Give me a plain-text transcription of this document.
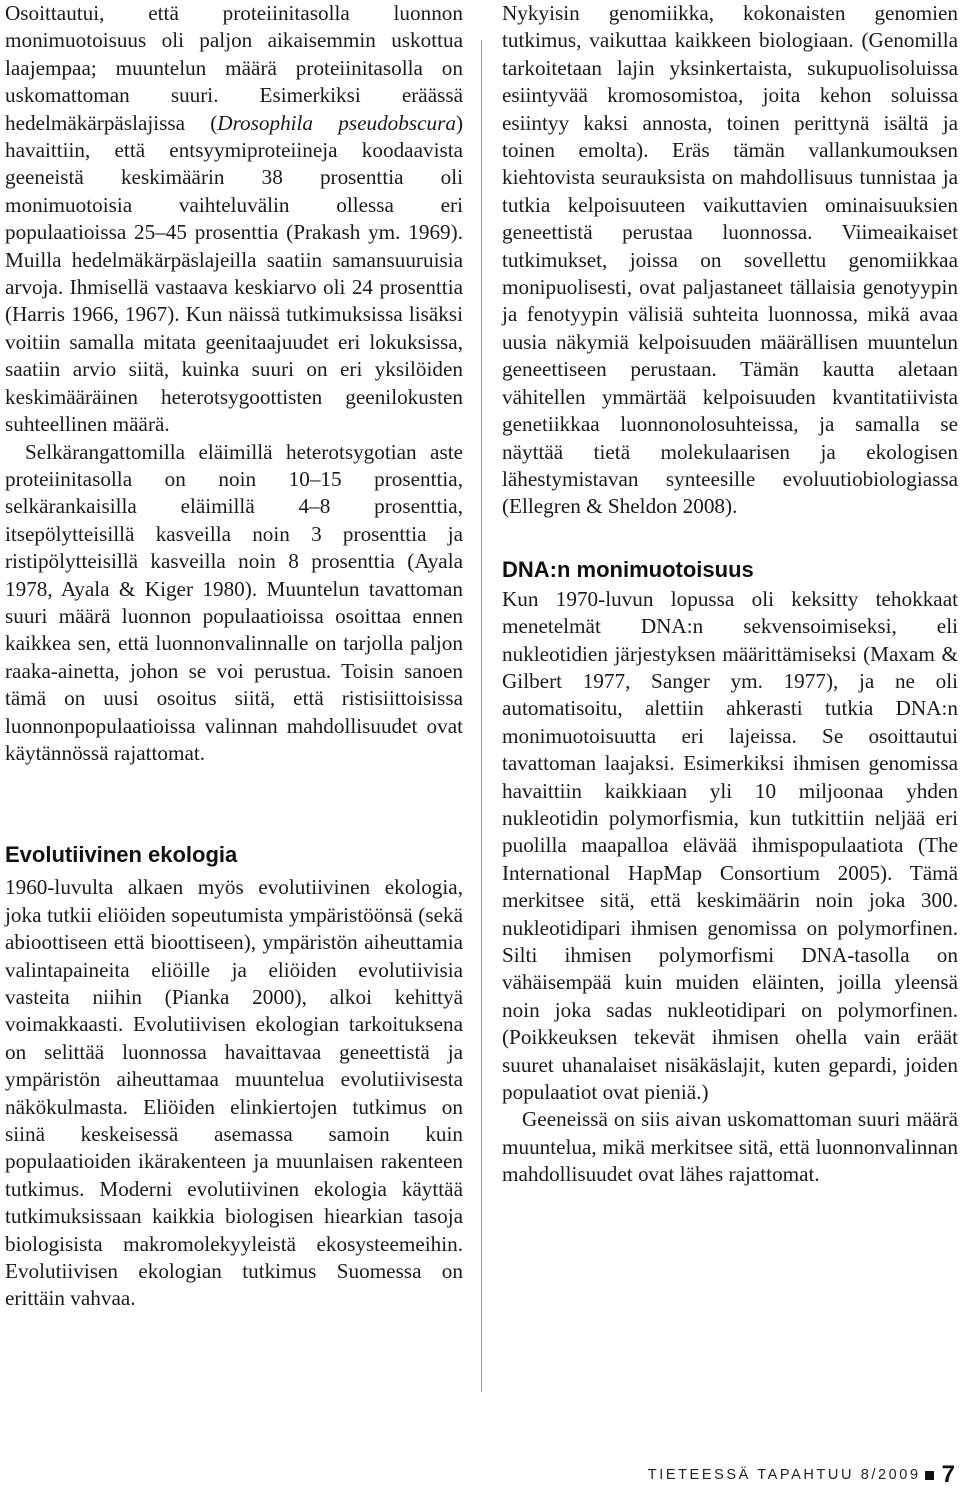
Osoittautui, että proteiinitasolla luonnon monimuotoisuus oli paljon aikaisemmin uskottua laajempaa; muuntelun määrä proteiinitasolla on uskomattoman suuri. Esimerkiksi eräässä hedelmäkärpäslajissa (Drosophila pseudobscura) havaittiin, että entsyymiproteiineja koodaavista geeneistä keskimäärin 38 prosenttia oli monimuotoisia vaihteluvälin ollessa eri populaatioissa 25–45 prosenttia (Prakash ym. 1969). Muilla hedelmäkärpäslajeilla saatiin samansuuruisia arvoja. Ihmisellä vastaava keskiarvo oli 24 prosenttia (Harris 1966, 1967). Kun näissä tutkimuksissa lisäksi voitiin samalla mitata geenitaajuudet eri lokuksissa, saatiin arvio siitä, kuinka suuri on eri yksilöiden keskimääräinen heterotsygoottisten geenilokusten suhteellinen määrä.

Selkärangattomilla eläimillä heterotsygotian aste proteiinitasolla on noin 10–15 prosenttia, selkärankaisilla eläimillä 4–8 prosenttia, itsepölytteisillä kasveilla noin 3 prosenttia ja ristipölytteisillä kasveilla noin 8 prosenttia (Ayala 1978, Ayala & Kiger 1980). Muuntelun tavattoman suuri määrä luonnon populaatioissa osoittaa ennen kaikkea sen, että luonnonvalinnalle on tarjolla paljon raaka-ainetta, johon se voi perustua. Toisin sanoen tämä on uusi osoitus siitä, että ristisiittoisissa luonnonpopulaatioissa valinnan mahdollisuudet ovat käytännössä rajattomat.

Evolutiivinen ekologia

1960-luvulta alkaen myös evolutiivinen ekologia, joka tutkii eliöiden sopeutumista ympäristöönsä (sekä abioottiseen että bioottiseen), ympäristön aiheuttamia valintapaineita eliöille ja eliöiden evolutiivisia vasteita niihin (Pianka 2000), alkoi kehittyä voimakkaasti. Evolutiivisen ekologian tarkoituksena on selittää luonnossa havaittavaa geneettistä ja ympäristön aiheuttamaa muuntelua evolutiivisesta näkökulmasta. Eliöiden elinkiertojen tutkimus on siinä keskeisessä asemassa samoin kuin populaatioiden ikärakenteen ja muunlaisen rakenteen tutkimus. Moderni evolutiivinen ekologia käyttää tutkimuksissaan kaikkia biologisen hiearkian tasoja biologisista makromolekyyleistä ekosysteemeihin. Evolutiivisen ekologian tutkimus Suomessa on erittäin vahvaa.

Nykyisin genomiikka, kokonaisten genomien tutkimus, vaikuttaa kaikkeen biologiaan. (Genomilla tarkoitetaan lajin yksinkertaista, sukupuolisoluissa esiintyvää kromosomistoa, joita kehon soluissa esiintyy kaksi annosta, toinen perittynä isältä ja toinen emolta). Eräs tämän vallankumouksen kiehtovista seurauksista on mahdollisuus tunnistaa ja tutkia kelpoisuuteen vaikuttavien ominaisuuksien geneettistä perustaa luonnossa. Viimeaikaiset tutkimukset, joissa on sovellettu genomiikkaa monipuolisesti, ovat paljastaneet tällaisia genotyypin ja fenotyypin välisiä suhteita luonnossa, mikä avaa uusia näkymiä kelpoisuuden määrällisen muuntelun geneettiseen perustaan. Tämän kautta aletaan vähitellen ymmärtää kelpoisuuden kvantitatiivista genetiikkaa luonnonolosuhteissa, ja samalla se näyttää tietä molekulaarisen ja ekologisen lähestymistavan synteesille evoluutiobiologiassa (Ellegren & Sheldon 2008).

DNA:n monimuotoisuus

Kun 1970-luvun lopussa oli keksitty tehokkaat menetelmät DNA:n sekvensoimiseksi, eli nukleotidien järjestyksen määrittämiseksi (Maxam & Gilbert 1977, Sanger ym. 1977), ja ne oli automatisoitu, alettiin ahkerasti tutkia DNA:n monimuotoisuutta eri lajeissa. Se osoittautui tavattoman laajaksi. Esimerkiksi ihmisen genomissa havaittiin kaikkiaan yli 10 miljoonaa yhden nukleotidin polymorfismia, kun tutkittiin neljää eri puolilla maapalloa elävää ihmispopulaatiota (The International HapMap Consortium 2005). Tämä merkitsee sitä, että keskimäärin noin joka 300. nukleotidipari ihmisen genomissa on polymorfinen. Silti ihmisen polymorfismi DNA-tasolla on vähäisempää kuin muiden eläinten, joilla yleensä noin joka sadas nukleotidipari on polymorfinen. (Poikkeuksen tekevät ihmisen ohella vain eräät suuret uhanalaiset nisäkäslajit, kuten gepardi, joiden populaatiot ovat pieniä.)

Geeneissä on siis aivan uskomattoman suuri määrä muuntelua, mikä merkitsee sitä, että luonnonvalinnan mahdollisuudet ovat lähes rajattomat.

TIETEESSÄ TAPAHTUU 8/2009 7
